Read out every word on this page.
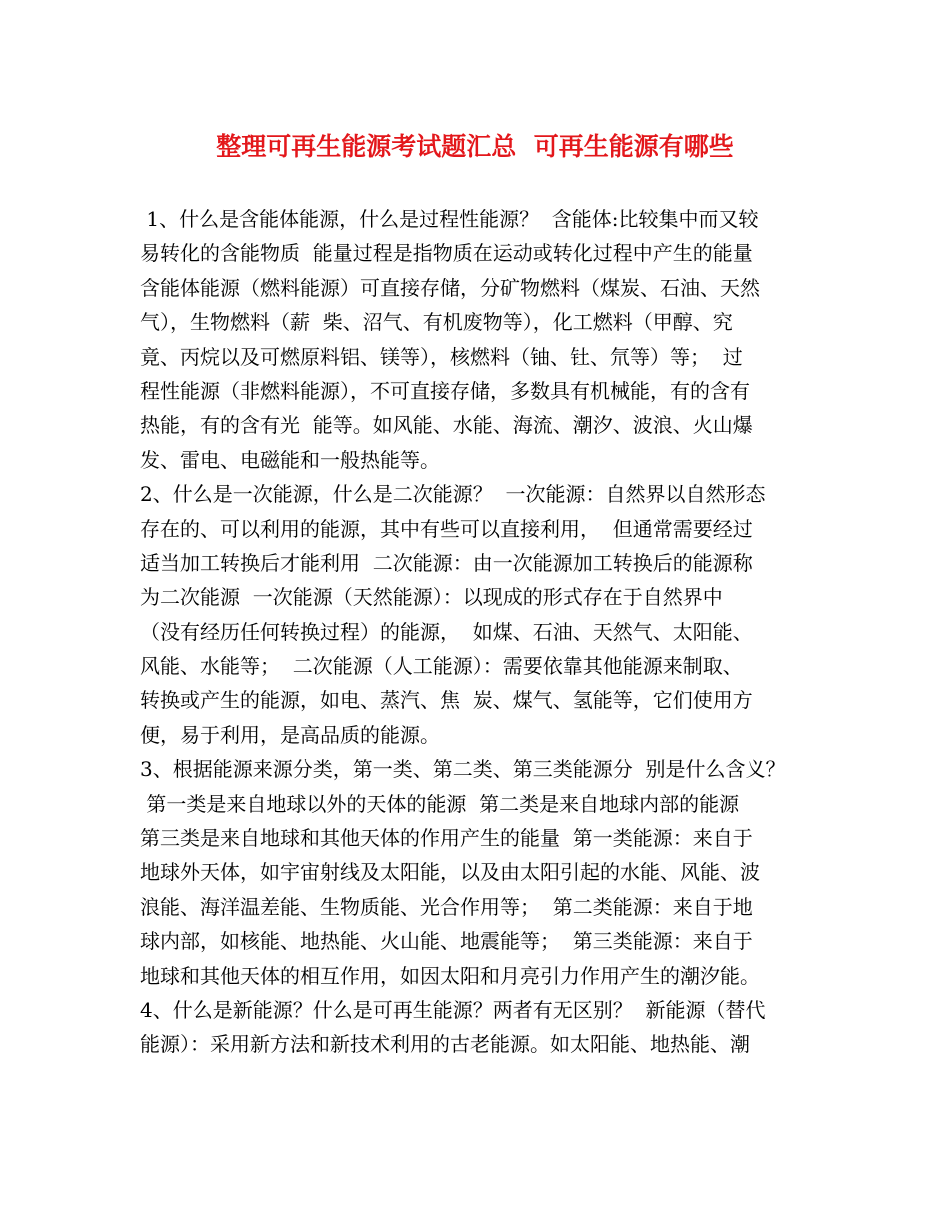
整理可再生能源考试题汇总  可再生能源有哪些
1、什么是含能体能源，什么是过程性能源？  含能体:比较集中而又较
易转化的含能物质  能量过程是指物质在运动或转化过程中产生的能量
含能体能源（燃料能源）可直接存储，分矿物燃料（煤炭、石油、天然
气），生物燃料（薪  柴、沼气、有机废物等），化工燃料（甲醇、究
竟、丙烷以及可燃原料铝、镁等），核燃料（铀、钍、氘等）等；  过
程性能源（非燃料能源），不可直接存储，多数具有机械能，有的含有
热能，有的含有光  能等。如风能、水能、海流、潮汐、波浪、火山爆
发、雷电、电磁能和一般热能等。
2、什么是一次能源，什么是二次能源？  一次能源：自然界以自然形态
存在的、可以利用的能源，其中有些可以直接利用，  但通常需要经过
适当加工转换后才能利用  二次能源：由一次能源加工转换后的能源称
为二次能源  一次能源（天然能源）：以现成的形式存在于自然界中
（没有经历任何转换过程）的能源，  如煤、石油、天然气、太阳能、
风能、水能等；  二次能源（人工能源）：需要依靠其他能源来制取、
转换或产生的能源，如电、蒸汽、焦  炭、煤气、氢能等，它们使用方
便，易于利用，是高品质的能源。
3、根据能源来源分类，第一类、第二类、第三类能源分  别是什么含义？
第一类是来自地球以外的天体的能源  第二类是来自地球内部的能源
第三类是来自地球和其他天体的作用产生的能量  第一类能源：来自于
地球外天体，如宇宙射线及太阳能，以及由太阳引起的水能、风能、波
浪能、海洋温差能、生物质能、光合作用等；  第二类能源：来自于地
球内部，如核能、地热能、火山能、地震能等；  第三类能源：来自于
地球和其他天体的相互作用，如因太阳和月亮引力作用产生的潮汐能。
4、什么是新能源？什么是可再生能源？两者有无区别？  新能源（替代
能源）：采用新方法和新技术利用的古老能源。如太阳能、地热能、潮
